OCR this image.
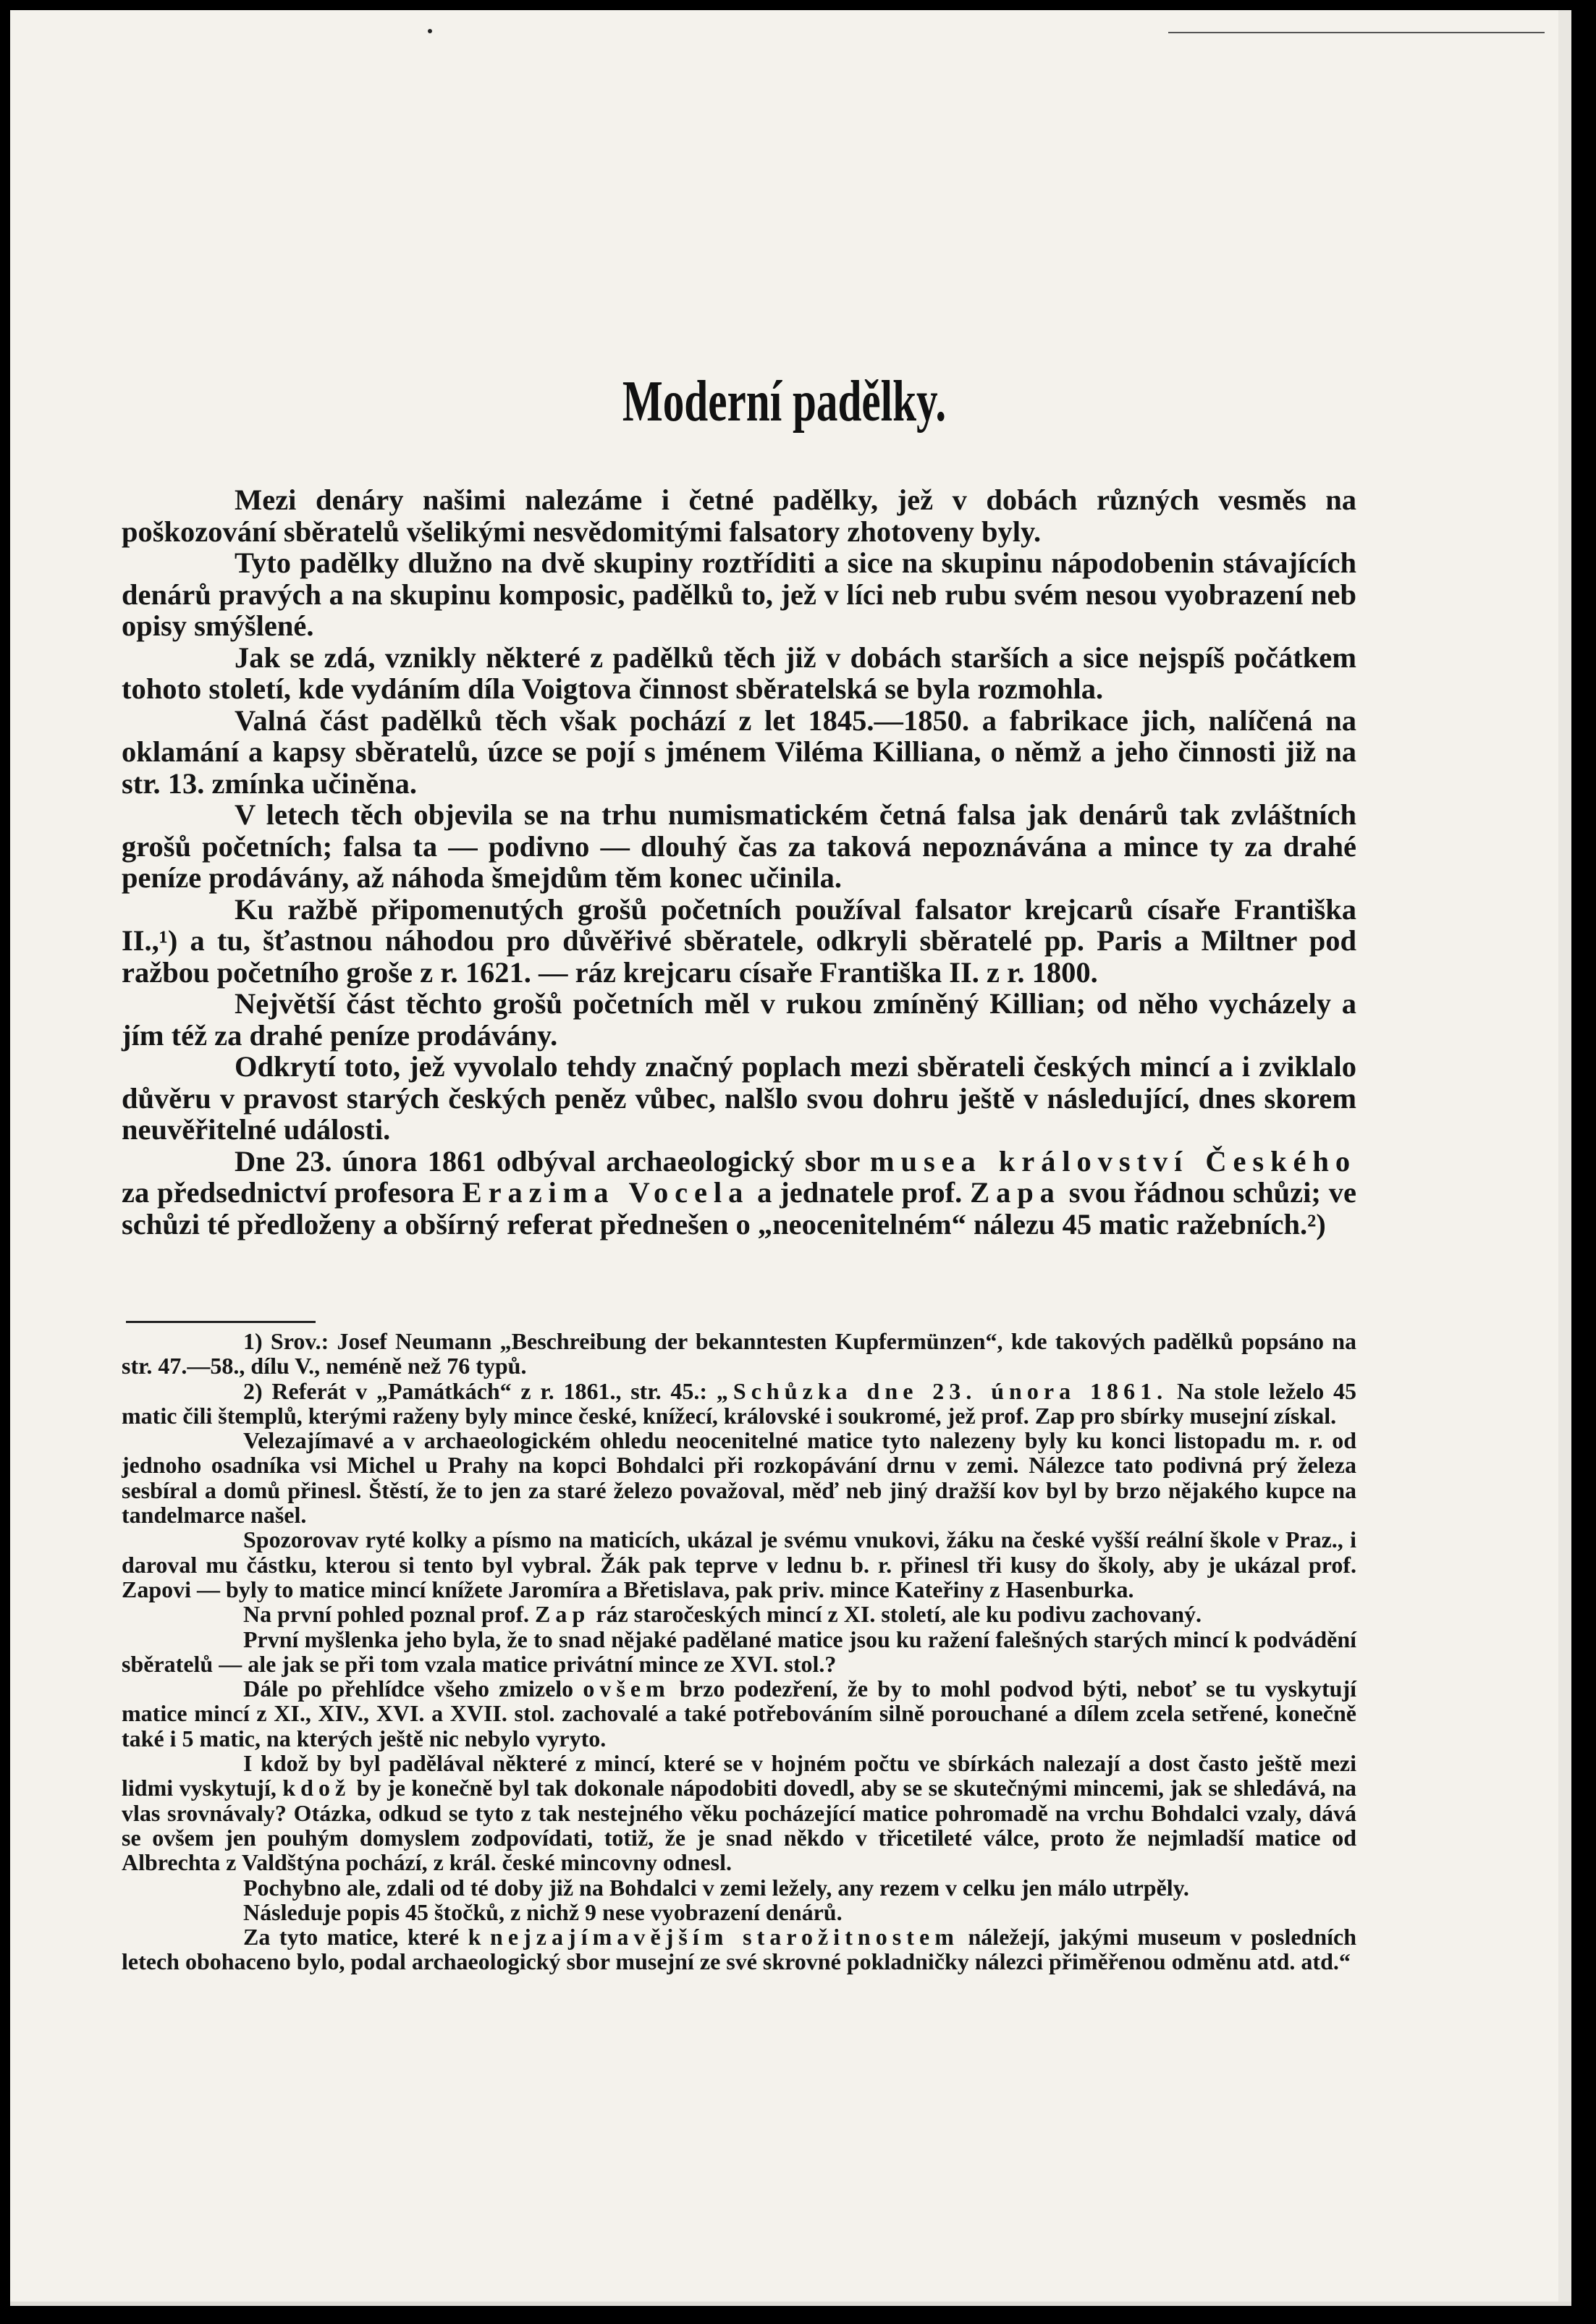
Moderní padělky.

Mezi denáry našimi nalezáme i četné padělky, jež v dobách různých vesměs na poškozování sběratelů všelikými nesvědomitými falsatory zhotoveny byly.

Tyto padělky dlužno na dvě skupiny roztříditi a sice na skupinu nápodobenin stávajících denárů pravých a na skupinu komposic, padělků to, jež v líci neb rubu svém nesou vyobrazení neb opisy smýšlené.

Jak se zdá, vznikly některé z padělků těch již v dobách starších a sice nejspíš počátkem tohoto století, kde vydáním díla Voigtova činnost sběratelská se byla rozmohla.

Valná část padělků těch však pochází z let 1845.—1850. a fabrikace jich, nalíčená na oklamání a kapsy sběratelů, úzce se pojí s jménem Viléma Killiana, o němž a jeho činnosti již na str. 13. zmínka učiněna.

V letech těch objevila se na trhu numismatickém četná falsa jak denárů tak zvláštních grošů početních; falsa ta — podivno — dlouhý čas za taková nepoznávána a mince ty za drahé peníze prodávány, až náhoda šmejdům těm konec učinila.

Ku ražbě připomenutých grošů početních používal falsator krejcarů císaře Františka II.,¹) a tu, šťastnou náhodou pro důvěřivé sběratele, odkryli sběratelé pp. Paris a Miltner pod ražbou početního groše z r. 1621. — ráz krejcaru císaře Františka II. z r. 1800.

Největší část těchto grošů početních měl v rukou zmíněný Killian; od něho vycházely a jím též za drahé peníze prodávány.

Odkrytí toto, jež vyvolalo tehdy značný poplach mezi sběrateli českých mincí a i zviklalo důvěru v pravost starých českých peněz vůbec, nalšlo svou dohru ještě v následující, dnes skorem neuvěřitelné události.

Dne 23. února 1861 odbýval archaeologický sbor musea království Českého za předsednictví profesora Erazima Vocela a jednatele prof. Zapa svou řádnou schůzi; ve schůzi té předloženy a obšírný referat přednešen o „neocenitelném“ nálezu 45 matic ražebních.²)

1) Srov.: Josef Neumann „Beschreibung der bekanntesten Kupfermünzen“, kde takových padělků popsáno na str. 47.—58., dílu V., neméně než 76 typů.

2) Referát v „Památkách“ z r. 1861., str. 45.: „Schůzka dne 23. února 1861. Na stole leželo 45 matic čili štemplů, kterými raženy byly mince české, knížecí, královské i soukromé, jež prof. Zap pro sbírky musejní získal.

Velezajímavé a v archaeologickém ohledu neocenitelné matice tyto nalezeny byly ku konci listopadu m. r. od jednoho osadníka vsi Michel u Prahy na kopci Bohdalci při rozkopávání drnu v zemi. Nálezce tato podivná prý železa sesbíral a domů přinesl. Štěstí, že to jen za staré železo považoval, měď neb jiný dražší kov byl by brzo nějakého kupce na tandelmarce našel.

Spozorovav ryté kolky a písmo na maticích, ukázal je svému vnukovi, žáku na české vyšší reální škole v Praz., i daroval mu částku, kterou si tento byl vybral. Žák pak teprve v lednu b. r. přinesl tři kusy do školy, aby je ukázal prof. Zapovi — byly to matice mincí knížete Jaromíra a Břetislava, pak priv. mince Kateřiny z Hasenburka.

Na první pohled poznal prof. Zap ráz staročeských mincí z XI. století, ale ku podivu zachovaný.

První myšlenka jeho byla, že to snad nějaké padělané matice jsou ku ražení falešných starých mincí k podvádění sběratelů — ale jak se při tom vzala matice privátní mince ze XVI. stol.?

Dále po přehlídce všeho zmizelo ovšem brzo podezření, že by to mohl podvod býti, neboť se tu vyskytují matice mincí z XI., XIV., XVI. a XVII. stol. zachovalé a také potřebováním silně porouchané a dílem zcela setřené, konečně také i 5 matic, na kterých ještě nic nebylo vyryto.

I kdož by byl padělával některé z mincí, které se v hojném počtu ve sbírkách nalezají a dost často ještě mezi lidmi vyskytují, kdož by je konečně byl tak dokonale nápodobiti dovedl, aby se se skutečnými mincemi, jak se shledává, na vlas srovnávaly? Otázka, odkud se tyto z tak nestejného věku pocházející matice pohromadě na vrchu Bohdalci vzaly, dává se ovšem jen pouhým domyslem zodpovídati, totiž, že je snad někdo v třicetileté válce, proto že nejmladší matice od Albrechta z Valdštýna pochází, z král. české mincovny odnesl.

Pochybno ale, zdali od té doby již na Bohdalci v zemi ležely, any rezem v celku jen málo utrpěly.

Následuje popis 45 štočků, z nichž 9 nese vyobrazení denárů.

Za tyto matice, které k nejzajímavějším starožitnostem náležejí, jakými museum v posledních letech obohaceno bylo, podal archaeologický sbor musejní ze své skrovné pokladničky nálezci přiměřenou odměnu atd. atd.“
